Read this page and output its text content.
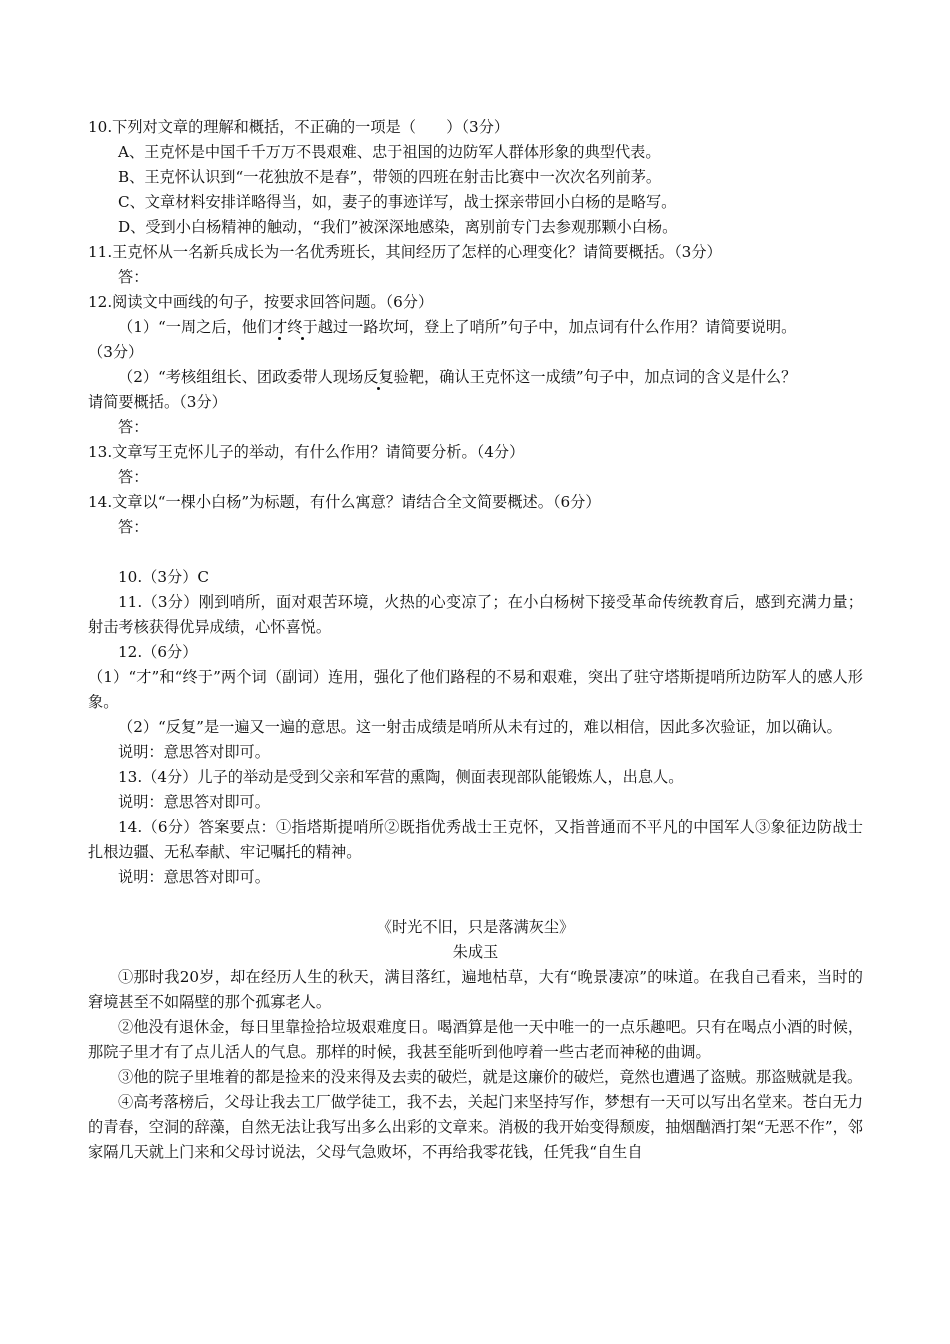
10.下列对文章的理解和概括，不正确的一项是（　　）（3分）
A、王克怀是中国千千万万不畏艰难、忠于祖国的边防军人群体形象的典型代表。
B、王克怀认识到“一花独放不是春”，带领的四班在射击比赛中一次次名列前茅。
C、文章材料安排详略得当，如，妻子的事迹详写，战士探亲带回小白杨的是略写。
D、受到小白杨精神的触动，“我们”被深深地感染，离别前专门去参观那颗小白杨。
11.王克怀从一名新兵成长为一名优秀班长，其间经历了怎样的心理变化？请简要概括。（3分）
答：
12.阅读文中画线的句子，按要求回答问题。（6分）
（1）“一周之后，他们才终于越过一路坎坷，登上了哨所”句子中，加点词有什么作用？请简要说明。
（3分）
（2）“考核组组长、团政委带人现场反复验靶，确认王克怀这一成绩”句子中，加点词的含义是什么？
请简要概括。（3分）
答：
13.文章写王克怀儿子的举动，有什么作用？请简要分析。（4分）
答：
14.文章以“一棵小白杨”为标题，有什么寓意？请结合全文简要概述。（6分）
答：
10.（3分）C
11.（3分）刚到哨所，面对艰苦环境，火热的心变凉了；在小白杨树下接受革命传统教育后，感到充满力量；射击考核获得优异成绩，心怀喜悦。
12.（6分）
（1）“才”和“终于”两个词（副词）连用，强化了他们路程的不易和艰难，突出了驻守塔斯提哨所边防军人的感人形象。
（2）“反复”是一遍又一遍的意思。这一射击成绩是哨所从未有过的，难以相信，因此多次验证，加以确认。
说明：意思答对即可。
13.（4分）儿子的举动是受到父亲和军营的熏陶，侧面表现部队能锻炼人，出息人。
说明：意思答对即可。
14.（6分）答案要点：①指塔斯提哨所②既指优秀战士王克怀，又指普通而不平凡的中国军人③象征边防战士扎根边疆、无私奉献、牢记嘱托的精神。
说明：意思答对即可。
《时光不旧，只是落满灰尘》
朱成玉
①那时我20岁，却在经历人生的秋天，满目落红，遍地枯草，大有“晚景凄凉”的味道。在我自己看来，当时的窘境甚至不如隔壁的那个孤寡老人。
②他没有退休金，每日里靠捡拾垃圾艰难度日。喝酒算是他一天中唯一的一点乐趣吧。只有在喝点小酒的时候，那院子里才有了点儿活人的气息。那样的时候，我甚至能听到他哼着一些古老而神秘的曲调。
③他的院子里堆着的都是捡来的没来得及去卖的破烂，就是这廉价的破烂，竟然也遭遇了盗贼。那盗贼就是我。
④高考落榜后，父母让我去工厂做学徒工，我不去，关起门来坚持写作，梦想有一天可以写出名堂来。苍白无力的青春，空洞的辞藻，自然无法让我写出多么出彩的文章来。消极的我开始变得颓废，抽烟酗酒打架“无恶不作”，邻家隔几天就上门来和父母讨说法，父母气急败坏，不再给我零花钱，任凭我“自生自
